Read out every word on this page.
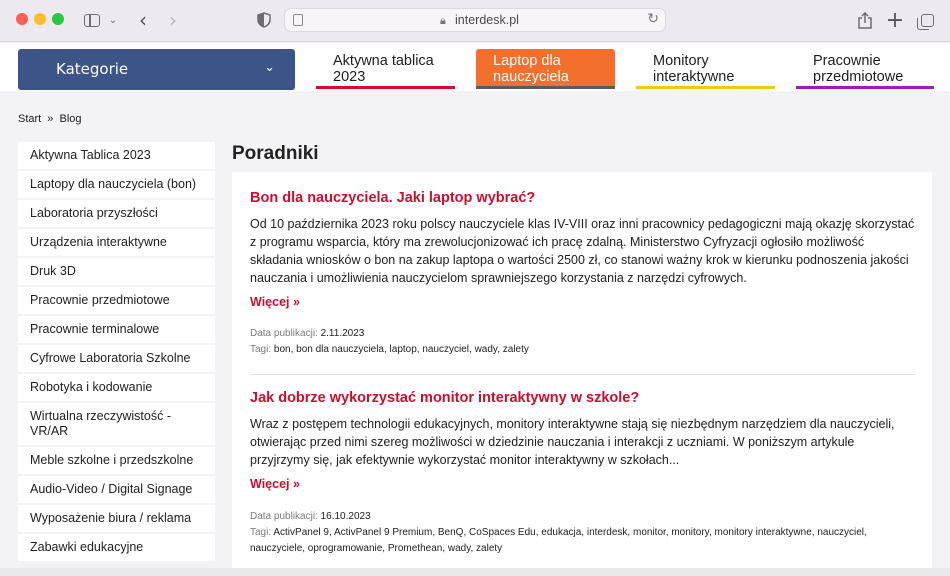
⌄ ‹ ›	🔒︎ interdesk.pl	↻	+
Kategorie	⌄	Aktywna tablica
2023
Laptop dla
nauczyciela
Monitory
interaktywne
Pracownie
przedmiotowe
Start » Blog
Aktywna Tablica 2023
Laptopy dla nauczyciela (bon)
Laboratoria przyszłości
Urządzenia interaktywne
Druk 3D
Pracownie przedmiotowe
Pracownie terminalowe
Cyfrowe Laboratoria Szkolne
Robotyka i kodowanie
Wirtualna rzeczywistość - VR/AR
Meble szkolne i przedszkolne
Audio-Video / Digital Signage
Wyposażenie biura / reklama
Zabawki edukacyjne
Poradniki
Bon dla nauczyciela. Jaki laptop wybrać?
Od 10 października 2023 roku polscy nauczyciele klas IV-VIII oraz inni pracownicy pedagogiczni mają okazję skorzystać z programu wsparcia, który ma zrewolucjonizować ich pracę zdalną. Ministerstwo Cyfryzacji ogłosiło możliwość składania wniosków o bon na zakup laptopa o wartości 2500 zł, co stanowi ważny krok w kierunku podnoszenia jakości nauczania i umożliwienia nauczycielom sprawniejszego korzystania z narzędzi cyfrowych.
Więcej »
Data publikacji: 2.11.2023
Tagi: bon, bon dla nauczyciela, laptop, nauczyciel, wady, zalety
Jak dobrze wykorzystać monitor interaktywny w szkole?
Wraz z postępem technologii edukacyjnych, monitory interaktywne stają się niezbędnym narzędziem dla nauczycieli, otwierając przed nimi szereg możliwości w dziedzinie nauczania i interakcji z uczniami. W poniższym artykule przyjrzymy się, jak efektywnie wykorzystać monitor interaktywny w szkołach...
Więcej »
Data publikacji: 16.10.2023
Tagi: ActivPanel 9, ActivPanel 9 Premium, BenQ, CoSpaces Edu, edukacja, interdesk, monitor, monitory, monitory interaktywne, nauczyciel, nauczyciele, oprogramowanie, Promethean, wady, zalety
